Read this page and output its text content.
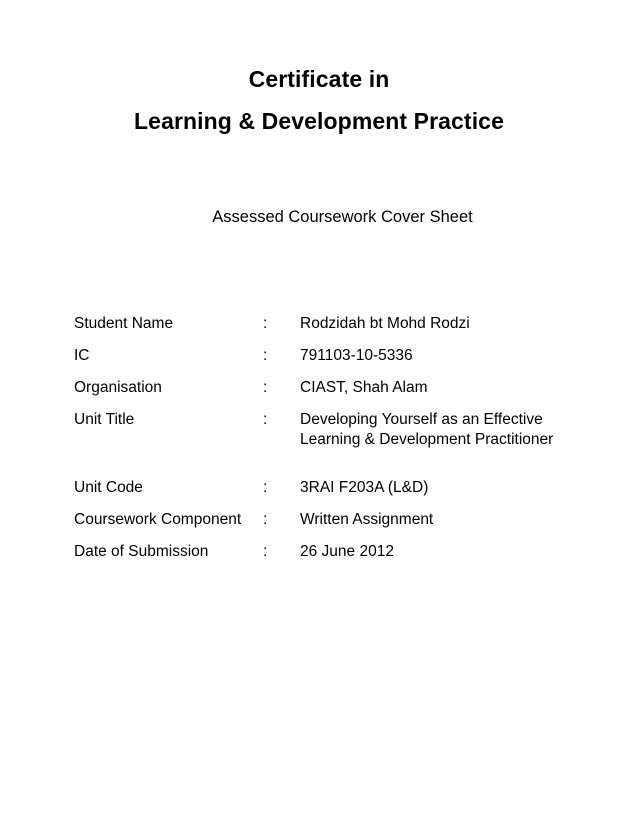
Certificate in
Learning & Development Practice
Assessed Coursework Cover Sheet
Student Name	:	Rodzidah bt Mohd Rodzi
IC	:	791103-10-5336
Organisation	:	CIAST, Shah Alam
Unit Title	:	Developing Yourself as an Effective
Learning & Development Practitioner
Unit Code	:	3RAI F203A (L&D)
Coursework Component	:	Written Assignment
Date of Submission	:	26 June 2012
